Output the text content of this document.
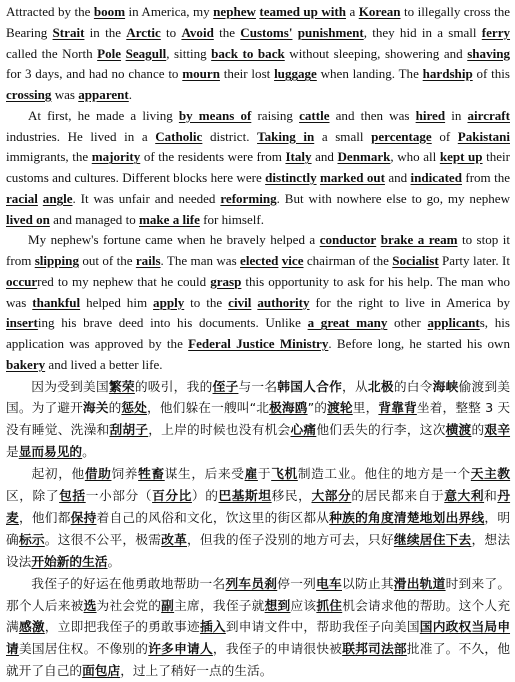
Attracted by the boom in America, my nephew teamed up with a Korean to illegally cross the Bearing Strait in the Arctic to Avoid the Customs' punishment, they hid in a small ferry called the North Pole Seagull, sitting back to back without sleeping, showering and shaving for 3 days, and had no chance to mourn their lost luggage when landing. The hardship of this crossing was apparent.

At first, he made a living by means of raising cattle and then was hired in aircraft industries. He lived in a Catholic district. Taking in a small percentage of Pakistani immigrants, the majority of the residents were from Italy and Denmark, who all kept up their customs and cultures. Different blocks here were distinctly marked out and indicated from the racial angle. It was unfair and needed reforming. But with nowhere else to go, my nephew lived on and managed to make a life for himself.

My nephew's fortune came when he bravely helped a conductor brake a ream to stop it from slipping out of the rails. The man was elected vice chairman of the Socialist Party later. It occurred to my nephew that he could grasp this opportunity to ask for his help. The man who was thankful helped him apply to the civil authority for the right to live in America by inserting his brave deed into his documents. Unlike a great many other applicants, his application was approved by the Federal Justice Ministry. Before long, he started his own bakery and lived a better life.

因为受到美国繁荣的吸引，我的侄子与一名韩国人合作，从北极的白令海峡偷渡到美国。为了避开海关的惩处，他们躲在一艘叫“北极海鸥”的渡轮里，背靠背坐着，整整 3 天没有睡觉、洗澡和刮胡子，上岸的时候也没有机会心痛他们丢失的行李，这次横渡的艰辛是显而易见的。

起初，他借助饲养牲畜谋生，后来受雇于飞机制造工业。他住的地方是一个天主教区，除了包括一小部分（百分比）的巴基斯坦移民，大部分的居民都来自于意大利和丹麦，他们都保持着自己的风俗和文化，饮这里的街区都从种族的角度清楚地划出界线，明确标示。这很不公平，极需改革，但我的侄子没别的地方可去，只好继续居住下去，想法设法开始新的生活。

我侄子的好运在他勇敢地帮助一名列车员刹停一列电车以防止其滑出轨道时到来了。那个人后来被选为社会党的副主席，我侄子就想到应该抓住机会请求他的帮助。这个人充满感激，立即把我侄子的勇敢事迹插入到申请文件中，帮助我侄子向美国国内政权当局申请美国居住权。不像别的许多申请人，我侄子的申请很快被联邦司法部批准了。不久，他就开了自己的面包店，过上了稍好一点的生活。
